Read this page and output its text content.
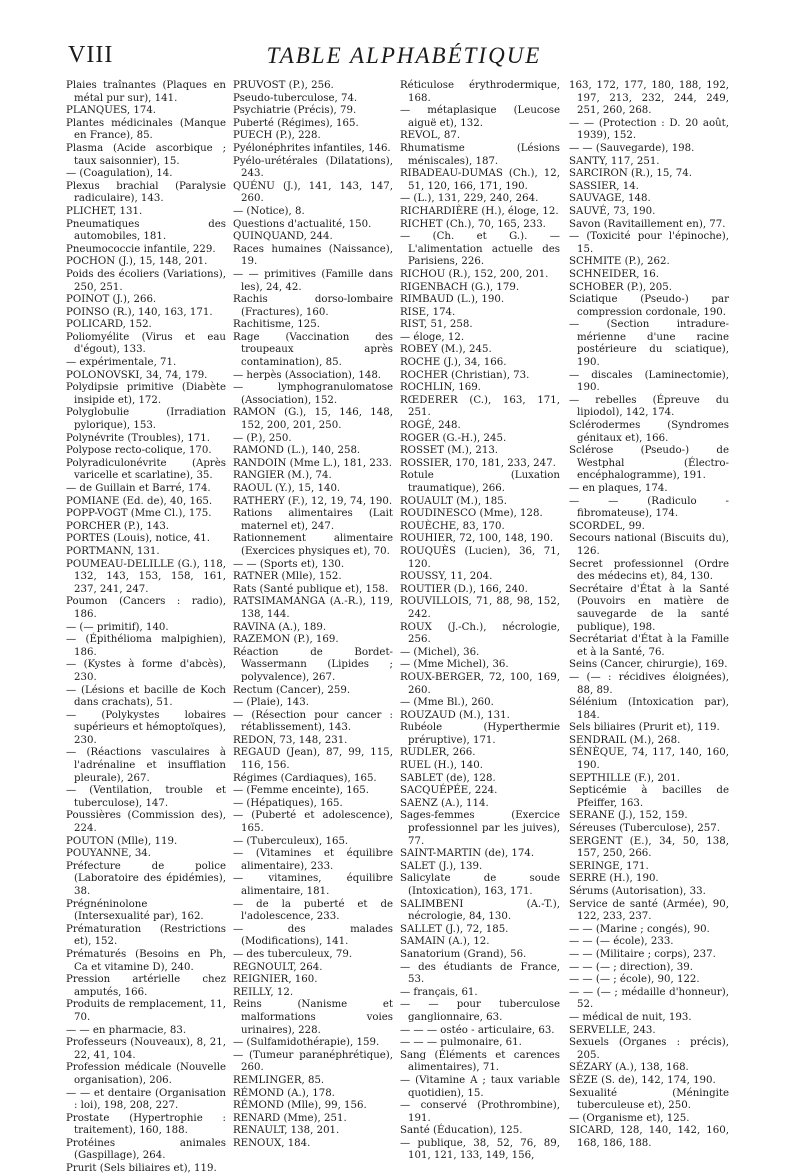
VIII	TABLE ALPHABÉTIQUE

Plaies traînantes (Plaques en métal pur sur), 141.

PLANQUES, 174.

Plantes médicinales (Manque en France), 85.

Plasma (Acide ascorbique ; taux saisonnier), 15.

— (Coagulation), 14.

Plexus brachial (Paralysie radiculaire), 143.

PLICHET, 131.

Pneumatiques des automobiles, 181.

Pneumococcie infantile, 229.

POCHON (J.), 15, 148, 201.

Poids des écoliers (Variations), 250, 251.

POINOT (J.), 266.

POINSO (R.), 140, 163, 171.

POLICARD, 152.

Poliomyélite (Virus et eau d'égout), 133.

— expérimentale, 71.

POLONOVSKI, 34, 74, 179.

Polydipsie primitive (Diabète insipide et), 172.

Polyglobulie (Irradiation pylorique), 153.

Polynévrite (Troubles), 171.

Polypose recto-colique, 170.

Polyradiculonévrite (Après varicelle et scarlatine), 35.

— de Guillain et Barré, 174.

POMIANE (Ed. de), 40, 165.

POPP-VOGT (Mme Cl.), 175.

PORCHER (P.), 143.

PORTES (Louis), notice, 41.

PORTMANN, 131.

POUMEAU-DELILLE (G.), 118, 132, 143, 153, 158, 161, 237, 241, 247.

Poumon (Cancers : radio), 186.

— (— primitif), 140.

— (Épithélioma malpighien), 186.

— (Kystes à forme d'abcès), 230.

— (Lésions et bacille de Koch dans crachats), 51.

— (Polykystes lobaires supérieurs et hémoptoïques), 230.

— (Réactions vasculaires à l'adrénaline et insufflation pleurale), 267.

— (Ventilation, trouble et tuberculose), 147.

Poussières (Commission des), 224.

POUTON (Mlle), 119.

POUYANNE, 34.

Préfecture de police (Laboratoire des épidémies), 38.

Prégnéninolone (Intersexualité par), 162.

Prématuration (Restrictions et), 152.

Prématurés (Besoins en Ph, Ca et vitamine D), 240.

Pression artérielle chez amputés, 166.

Produits de remplacement, 11, 70.

— — en pharmacie, 83.

Professeurs (Nouveaux), 8, 21, 22, 41, 104.

Profession médicale (Nouvelle organisation), 206.

— — et dentaire (Organisation : loi), 198, 208, 227.

Prostate (Hypertrophie : traitement), 160, 188.

Protéines animales (Gaspillage), 264.

Prurit (Sels biliaires et), 119.

PRUVOST (P.), 256.

Pseudo-tuberculose, 74.

Psychiatrie (Précis), 79.

Puberté (Régimes), 165.

PUECH (P.), 228.

Pyélonéphrites infantiles, 146.

Pyélo-urétérales (Dilatations), 243.

QUÉNU (J.), 141, 143, 147, 260.

— (Notice), 8.

Questions d'actualité, 150.

QUINQUAND, 244.

Races humaines (Naissance), 19.

— — primitives (Famille dans les), 24, 42.

Rachis dorso-lombaire (Fractures), 160.

Rachitisme, 125.

Rage (Vaccination des troupeaux après contamination), 85.

— herpès (Association), 148.

— lymphogranulomatose (Association), 152.

RAMON (G.), 15, 146, 148, 152, 200, 201, 250.

— (P.), 250.

RAMOND (L.), 140, 258.

RANDOIN (Mme L.), 181, 233.

RANGIER (M.), 74.

RAOUL (Y.), 15, 140.

RATHERY (F.), 12, 19, 74, 190.

Rations alimentaires (Lait maternel et), 247.

Rationnement alimentaire (Exercices physiques et), 70.

— — (Sports et), 130.

RATNER (Mlle), 152.

Rats (Santé publique et), 158.

RATSIMAMANGA (A.-R.), 119, 138, 144.

RAVINA (A.), 189.

RAZEMON (P.), 169.

Réaction de Bordet-Wassermann (Lipides ; polyvalence), 267.

Rectum (Cancer), 259.

— (Plaie), 143.

— (Résection pour cancer : rétablissement), 143.

REDON, 73, 148, 231.

REGAUD (Jean), 87, 99, 115, 116, 156.

Régimes (Cardiaques), 165.

— (Femme enceinte), 165.

— (Hépatiques), 165.

— (Puberté et adolescence), 165.

— (Tuberculeux), 165.

— (Vitamines et équilibre alimentaire), 233.

— vitamines, équilibre alimentaire, 181.

— de la puberté et de l'adolescence, 233.

— des malades (Modifications), 141.

— des tuberculeux, 79.

REGNOULT, 264.

REIGNIER, 160.

REILLY, 12.

Reins (Nanisme et malformations voies urinaires), 228.

— (Sulfamidothérapie), 159.

— (Tumeur paranéphrétique), 260.

REMLINGER, 85.

RÉMOND (A.), 178.

RÉMOND (Mlle), 99, 156.

RENARD (Mme), 251.

RENAULT, 138, 201.

RENOUX, 184.

Réticulose érythrodermique, 168.

— métaplasique (Leucose aiguë et), 132.

REVOL, 87.

Rhumatisme (Lésions méniscales), 187.

RIBADEAU-DUMAS (Ch.), 12, 51, 120, 166, 171, 190.

— (L.), 131, 229, 240, 264.

RICHARDIÈRE (H.), éloge, 12.

RICHET (Ch.), 70, 165, 233.

— (Ch. et G.). — L'alimentation actuelle des Parisiens, 226.

RICHOU (R.), 152, 200, 201.

RIGENBACH (G.), 179.

RIMBAUD (L.), 190.

RISE, 174.

RIST, 51, 258.

— éloge, 12.

ROBEY (M.), 245.

ROCHE (J.), 34, 166.

ROCHER (Christian), 73.

ROCHLIN, 169.

RŒDERER (C.), 163, 171, 251.

ROGÉ, 248.

ROGER (G.-H.), 245.

ROSSET (M.), 213.

ROSSIER, 170, 181, 233, 247.

Rotule (Luxation traumatique), 266.

ROUAULT (M.), 185.

ROUDINESCO (Mme), 128.

ROUÈCHE, 83, 170.

ROUHIER, 72, 100, 148, 190.

ROUQUÈS (Lucien), 36, 71, 120.

ROUSSY, 11, 204.

ROUTIER (D.), 166, 240.

ROUVILLOIS, 71, 88, 98, 152, 242.

ROUX (J.-Ch.), nécrologie, 256.

— (Michel), 36.

— (Mme Michel), 36.

ROUX-BERGER, 72, 100, 169, 260.

— (Mme Bl.), 260.

ROUZAUD (M.), 131.

Rubéole (Hyperthermie préruptive), 171.

RUDLER, 266.

RUEL (H.), 140.

SABLET (de), 128.

SACQUÉPÉE, 224.

SAENZ (A.), 114.

Sages-femmes (Exercice professionnel par les juives), 77.

SAINT-MARTIN (de), 174.

SALET (J.), 139.

Salicylate de soude (Intoxication), 163, 171.

SALIMBENI (A.-T.), nécrologie, 84, 130.

SALLET (J.), 72, 185.

SAMAIN (A.), 12.

Sanatorium (Grand), 56.

— des étudiants de France, 53.

— français, 61.

— — pour tuberculose ganglionnaire, 63.

— — — ostéo - articulaire, 63.

— — — pulmonaire, 61.

Sang (Éléments et carences alimentaires), 71.

— (Vitamine A ; taux variable quotidien), 15.

— conservé (Prothrombine), 191.

Santé (Éducation), 125.

— publique, 38, 52, 76, 89, 101, 121, 133, 149, 156,

163, 172, 177, 180, 188, 192, 197, 213, 232, 244, 249, 251, 260, 268.

— — (Protection : D. 20 août, 1939), 152.

— — (Sauvegarde), 198.

SANTY, 117, 251.

SARCIRON (R.), 15, 74.

SASSIER, 14.

SAUVAGE, 148.

SAUVÉ, 73, 190.

Savon (Ravitaillement en), 77.

— (Toxicité pour l'épinoche), 15.

SCHMITE (P.), 262.

SCHNEIDER, 16.

SCHOBER (P.), 205.

Sciatique (Pseudo-) par compression cordonale, 190.

— (Section intradure-mérienne d'une racine postérieure du sciatique), 190.

— discales (Laminectomie), 190.

— rebelles (Épreuve du lipiodol), 142, 174.

Sclérodermes (Syndromes génitaux et), 166.

Sclérose (Pseudo-) de Westphal (Électro-encéphalogramme), 191.

— en plaques, 174.

— — (Radiculo - fibromateuse), 174.

SCORDEL, 99.

Secours national (Biscuits du), 126.

Secret professionnel (Ordre des médecins et), 84, 130.

Secrétaire d'État à la Santé (Pouvoirs en matière de sauvegarde de la santé publique), 198.

Secrétariat d'État à la Famille et à la Santé, 76.

Seins (Cancer, chirurgie), 169.

— (— : récidives éloignées), 88, 89.

Sélénium (Intoxication par), 184.

Sels biliaires (Prurit et), 119.

SENDRAIL (M.), 268.

SÉNÈQUE, 74, 117, 140, 160, 190.

SEPTHILLE (F.), 201.

Septicémie à bacilles de Pfeiffer, 163.

SERANE (J.), 152, 159.

Séreuses (Tuberculose), 257.

SERGENT (E.), 34, 50, 138, 157, 250, 266.

SERINGE, 171.

SERRE (H.), 190.

Sérums (Autorisation), 33.

Service de santé (Armée), 90, 122, 233, 237.

— — (Marine ; congés), 90.

— — (— école), 233.

— — (Militaire ; corps), 237.

— — (— ; direction), 39.

— — (— ; école), 90, 122.

— — (— ; médaille d'honneur), 52.

— médical de nuit, 193.

SERVELLE, 243.

Sexuels (Organes : précis), 205.

SÉZARY (A.), 138, 168.

SÈZE (S. de), 142, 174, 190.

Sexualité (Méningite tuberculeuse et), 250.

— (Organisme et), 125.

SICARD, 128, 140, 142, 160, 168, 186, 188.
